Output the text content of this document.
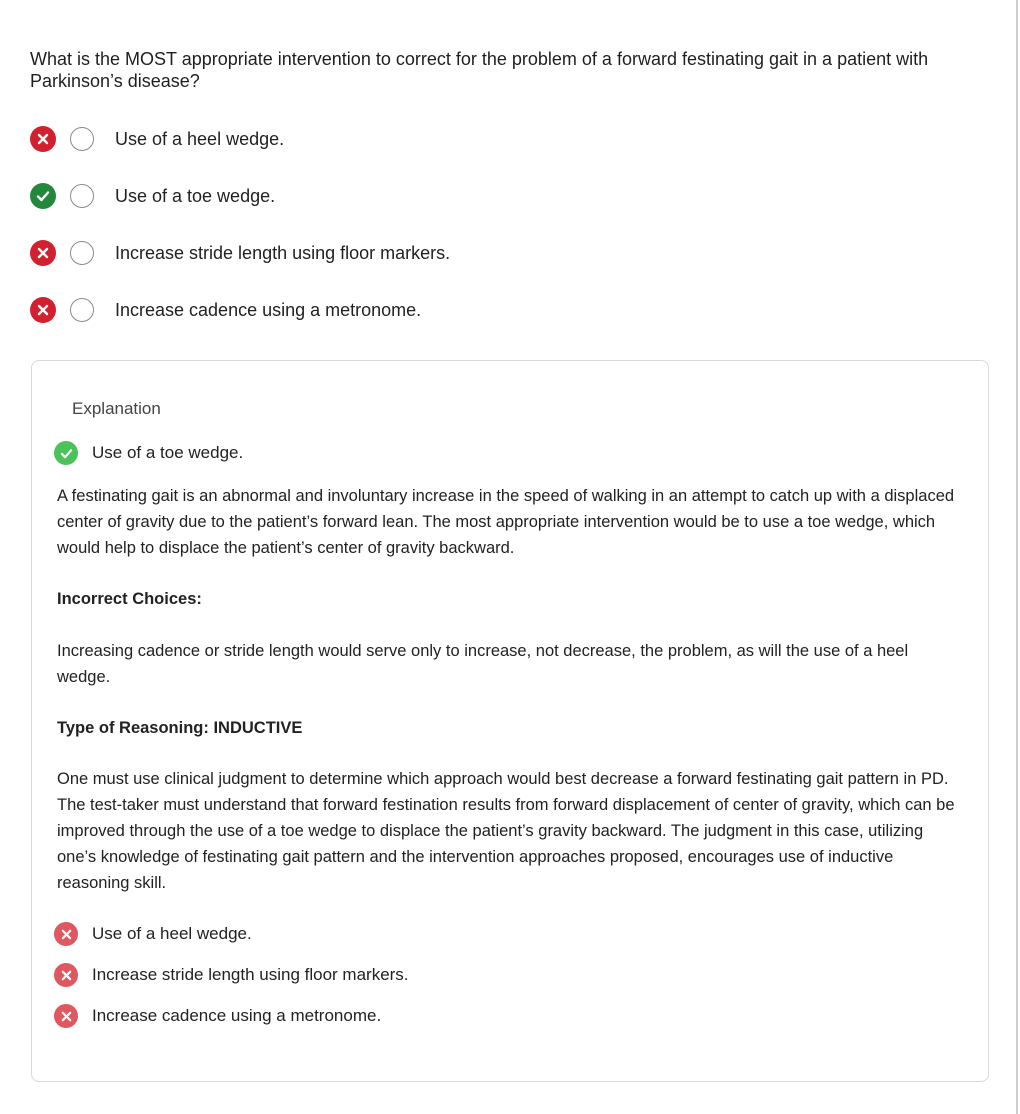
What is the MOST appropriate intervention to correct for the problem of a forward festinating gait in a patient with Parkinson’s disease?
Use of a heel wedge.
Use of a toe wedge.
Increase stride length using floor markers.
Increase cadence using a metronome.
Explanation
Use of a toe wedge.
A festinating gait is an abnormal and involuntary increase in the speed of walking in an attempt to catch up with a displaced center of gravity due to the patient’s forward lean. The most appropriate intervention would be to use a toe wedge, which would help to displace the patient’s center of gravity backward.
Incorrect Choices:
Increasing cadence or stride length would serve only to increase, not decrease, the problem, as will the use of a heel wedge.
Type of Reasoning: INDUCTIVE
One must use clinical judgment to determine which approach would best decrease a forward festinating gait pattern in PD. The test-taker must understand that forward festination results from forward displacement of center of gravity, which can be improved through the use of a toe wedge to displace the patient’s gravity backward. The judgment in this case, utilizing one’s knowledge of festinating gait pattern and the intervention approaches proposed, encourages use of inductive reasoning skill.
Use of a heel wedge.
Increase stride length using floor markers.
Increase cadence using a metronome.
